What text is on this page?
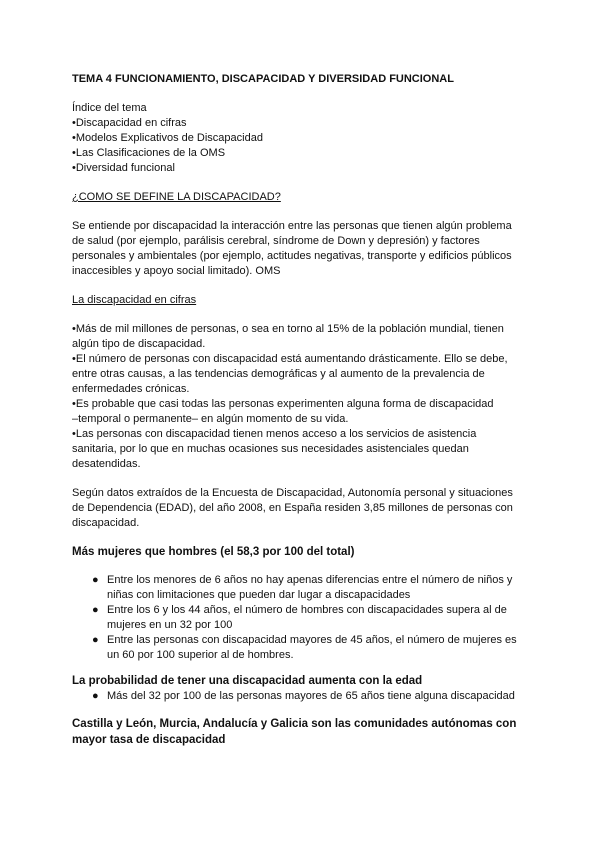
TEMA 4 FUNCIONAMIENTO, DISCAPACIDAD Y DIVERSIDAD FUNCIONAL
Índice del tema
•Discapacidad en cifras
•Modelos Explicativos de Discapacidad
•Las Clasificaciones de la OMS
•Diversidad funcional
¿COMO SE DEFINE LA DISCAPACIDAD?
Se entiende por discapacidad la interacción entre las personas que tienen algún problema
de salud (por ejemplo, parálisis cerebral, síndrome de Down y depresión) y factores
personales y ambientales (por ejemplo, actitudes negativas, transporte y edificios públicos
inaccesibles y apoyo social limitado). OMS
La discapacidad en cifras
•Más de mil millones de personas, o sea en torno al 15% de la población mundial, tienen
algún tipo de discapacidad.
•El número de personas con discapacidad está aumentando drásticamente. Ello se debe,
entre otras causas, a las tendencias demográficas y al aumento de la prevalencia de
enfermedades crónicas.
•Es probable que casi todas las personas experimenten alguna forma de discapacidad
–temporal o permanente– en algún momento de su vida.
•Las personas con discapacidad tienen menos acceso a los servicios de asistencia
sanitaria, por lo que en muchas ocasiones sus necesidades asistenciales quedan
desatendidas.
Según datos extraídos de la Encuesta de Discapacidad, Autonomía personal y situaciones
de Dependencia (EDAD), del año 2008, en España residen 3,85 millones de personas con
discapacidad.
Más mujeres que hombres (el 58,3 por 100 del total)
● Entre los menores de 6 años no hay apenas diferencias entre el número de niños y
niñas con limitaciones que pueden dar lugar a discapacidades
● Entre los 6 y los 44 años, el número de hombres con discapacidades supera al de
mujeres en un 32 por 100
● Entre las personas con discapacidad mayores de 45 años, el número de mujeres es
un 60 por 100 superior al de hombres.
La probabilidad de tener una discapacidad aumenta con la edad
● Más del 32 por 100 de las personas mayores de 65 años tiene alguna discapacidad
Castilla y León, Murcia, Andalucía y Galicia son las comunidades autónomas con
mayor tasa de discapacidad
